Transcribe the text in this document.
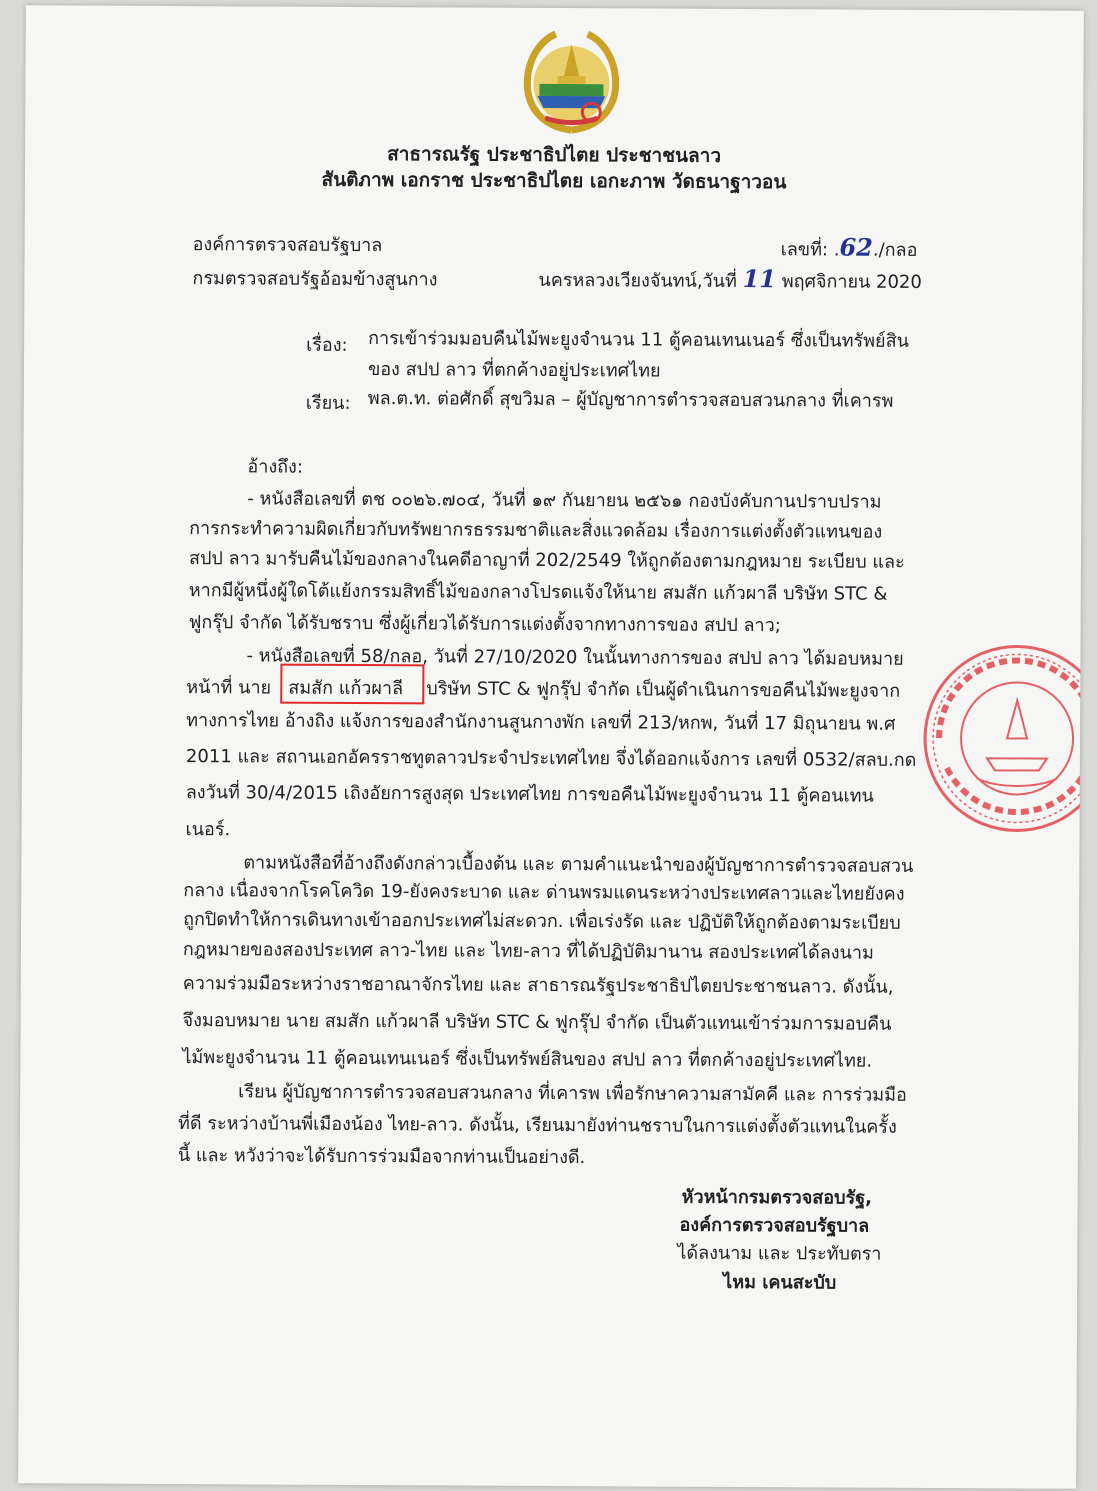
สาธารณรัฐ ประชาธิปไตย ประชาชนลาว
สันติภาพ เอกราช ประชาธิปไตย เอกะภาพ วัดธนาฐาวอน
องค์การตรวจสอบรัฐบาล
กรมตรวจสอบรัฐอ้อมข้างสูนกาง
เลขที่: .62./กลอ
นครหลวงเวียงจันทน์,วันที่ 11 พฤศจิกายน 2020
เรื่อง: การเข้าร่วมมอบคืนไม้พะยูงจำนวน 11 ตู้คอนเทนเนอร์ ซึ่งเป็นทรัพย์สิน
ของ สปป ลาว ที่ตกค้างอยู่ประเทศไทย
เรียน: พล.ต.ท. ต่อศักดิ์ สุขวิมล – ผู้บัญชาการตำรวจสอบสวนกลาง ที่เคารพ
อ้างถึง:
- หนังสือเลขที่ ตช ๐๐๒๖.๗๐๔, วันที่ ๑๙ กันยายน ๒๕๖๑ กองบังคับกานปราบปราม
การกระทำความผิดเกี่ยวกับทรัพยากรธรรมชาติและสิ่งแวดล้อม เรื่องการแต่งตั้งตัวแทนของ
สปป ลาว มารับคืนไม้ของกลางในคดีอาญาที่ 202/2549 ให้ถูกต้องตามกฎหมาย ระเบียบ และ
หากมีผู้หนึ่งผู้ใดโต้แย้งกรรมสิทธิ์ไม้ของกลางโปรดแจ้งให้นาย สมสัก แก้วผาลี บริษัท STC &
ฟูกรุ๊ป จำกัด ได้รับชราบ ซึ่งผู้เกี่ยวได้รับการแต่งตั้งจากทางการของ สปป ลาว;
- หนังสือเลขที่ 58/กลอ, วันที่ 27/10/2020 ในนั้นทางการของ สปป ลาว ได้มอบหมาย
หน้าที่ นาย สมสัก แก้วผาลี บริษัท STC & ฟูกรุ๊ป จำกัด เป็นผู้ดำเนินการขอคืนไม้พะยูงจาก
ทางการไทย อ้างถิง แจ้งการของสำนักงานสูนกางพัก เลขที่ 213/หกพ, วันที่ 17 มิถุนายน พ.ศ
2011 และ สถานเอกอัครราชทูตลาวประจำประเทศไทย จึ่งได้ออกแจ้งการ เลขที่ 0532/สลบ.กด
ลงวันที่ 30/4/2015 เถิงอัยการสูงสุด ประเทศไทย การขอคืนไม้พะยูงจำนวน 11 ตู้คอนเทน
เนอร์.
ตามหนังสือที่อ้างถึงดังกล่าวเบื้องต้น และ ตามคำแนะนำของผู้บัญชาการตำรวจสอบสวน
กลาง เนื่องจากโรคโควิด 19-ยังคงระบาด และ ด่านพรมแดนระหว่างประเทศลาวและไทยยังคง
ถูกปิดทำให้การเดินทางเข้าออกประเทศไม่สะดวก. เพื่อเร่งรัด และ ปฏิบัติให้ถูกต้องตามระเบียบ
กฎหมายของสองประเทศ ลาว-ไทย และ ไทย-ลาว ที่ได้ปฏิบัติมานาน สองประเทศได้ลงนาม
ความร่วมมือระหว่างราชอาณาจักรไทย และ สาธารณรัฐประชาธิปไตยประชาชนลาว. ดังนั้น,
จึงมอบหมาย นาย สมสัก แก้วผาลี บริษัท STC & ฟูกรุ๊ป จำกัด เป็นตัวแทนเข้าร่วมการมอบคืน
ไม้พะยูงจำนวน 11 ตู้คอนเทนเนอร์ ซึ่งเป็นทรัพย์สินของ สปป ลาว ที่ตกค้างอยู่ประเทศไทย.
เรียน ผู้บัญชาการตำรวจสอบสวนกลาง ที่เคารพ เพื่อรักษาความสามัคคี และ การร่วมมือ
ที่ดี ระหว่างบ้านพี่เมืองน้อง ไทย-ลาว. ดังนั้น, เรียนมายังท่านชราบในการแต่งตั้งตัวแทนในครั้ง
นี้ และ หวังว่าจะได้รับการร่วมมือจากท่านเป็นอย่างดี.
หัวหน้ากรมตรวจสอบรัฐ,
องค์การตรวจสอบรัฐบาล
ได้ลงนาม และ ประทับตรา
ไหม เคนสะบับ
